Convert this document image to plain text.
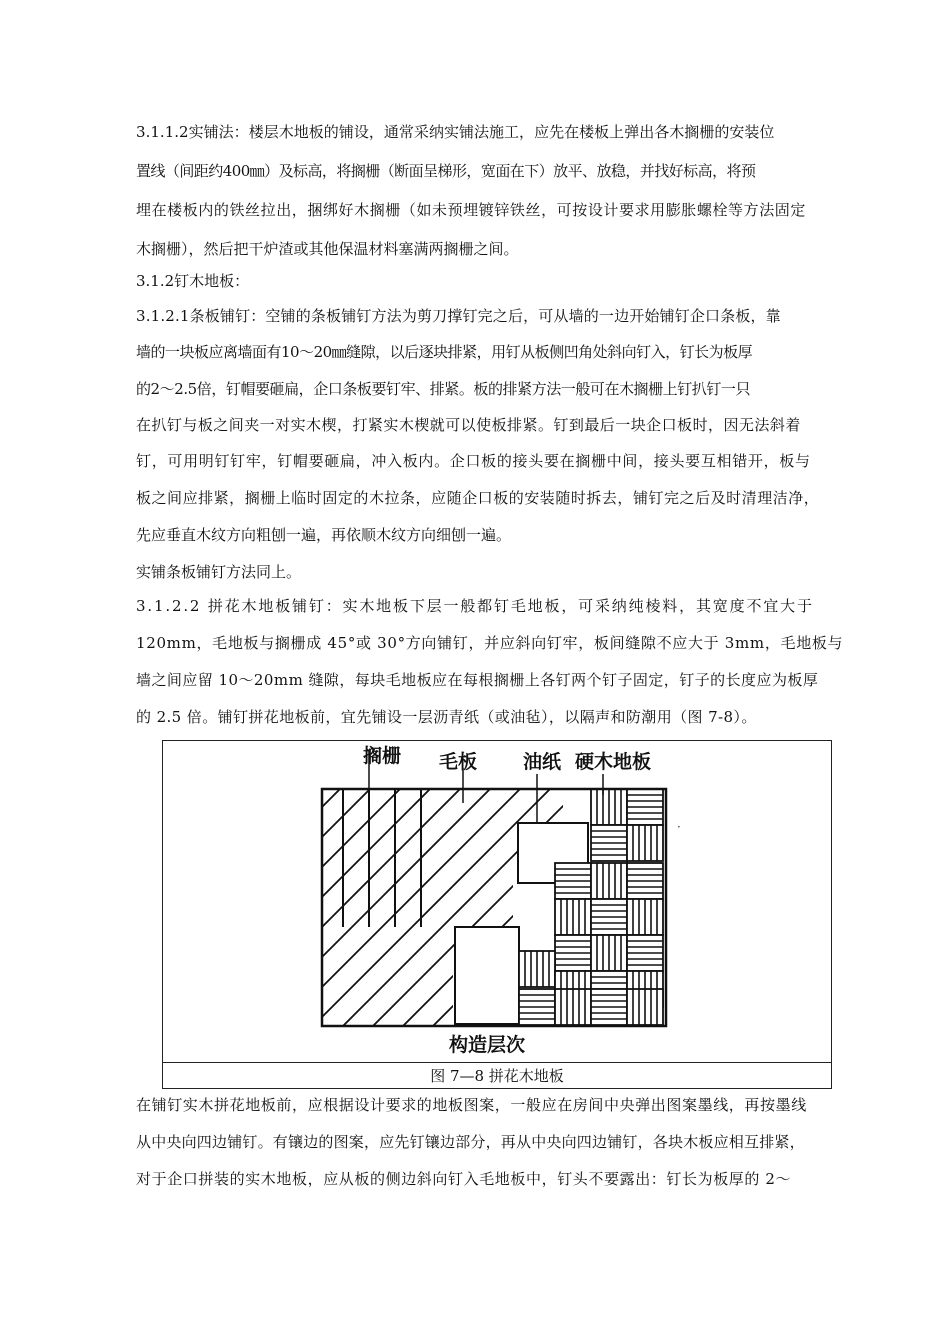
3.1.1.2实铺法：楼层木地板的铺设，通常采纳实铺法施工，应先在楼板上弹出各木搁栅的安装位
置线（间距约400㎜）及标高，将搁栅（断面呈梯形，宽面在下）放平、放稳，并找好标高，将预
埋在楼板内的铁丝拉出，捆绑好木搁栅（如未预埋镀锌铁丝，可按设计要求用膨胀螺栓等方法固定
木搁栅），然后把干炉渣或其他保温材料塞满两搁栅之间。
3.1.2钉木地板：
3.1.2.1条板铺钉：空铺的条板铺钉方法为剪刀撑钉完之后，可从墙的一边开始铺钉企口条板，靠
墙的一块板应离墙面有10～20㎜缝隙，以后逐块排紧，用钉从板侧凹角处斜向钉入，钉长为板厚
的2～2.5倍，钉帽要砸扁，企口条板要钉牢、排紧。板的排紧方法一般可在木搁栅上钉扒钉一只
在扒钉与板之间夹一对实木楔，打紧实木楔就可以使板排紧。钉到最后一块企口板时，因无法斜着
钉，可用明钉钉牢，钉帽要砸扁，冲入板内。企口板的接头要在搁栅中间，接头要互相错开，板与
板之间应排紧，搁栅上临时固定的木拉条，应随企口板的安装随时拆去，铺钉完之后及时清理洁净，
先应垂直木纹方向粗刨一遍，再依顺木纹方向细刨一遍。
实铺条板铺钉方法同上。
3.1.2.2 拼花木地板铺钉：实木地板下层一般都钉毛地板，可采纳纯棱料，其宽度不宜大于
120mm，毛地板与搁栅成 45°或 30°方向铺钉，并应斜向钉牢，板间缝隙不应大于 3mm，毛地板与
墙之间应留 10～20mm 缝隙，每块毛地板应在每根搁栅上各钉两个钉子固定，钉子的长度应为板厚
的 2.5 倍。铺钉拼花地板前，宜先铺设一层沥青纸（或油毡），以隔声和防潮用（图 7-8）。
在铺钉实木拼花地板前，应根据设计要求的地板图案，一般应在房间中央弹出图案墨线，再按墨线
从中央向四边铺钉。有镶边的图案，应先钉镶边部分，再从中央向四边铺钉，各块木板应相互排紧，
对于企口拼装的实木地板，应从板的侧边斜向钉入毛地板中，钉头不要露出：钉长为板厚的 2～
搁栅 毛板 油纸 硬木地板
构造层次
·
图 7—8 拼花木地板
